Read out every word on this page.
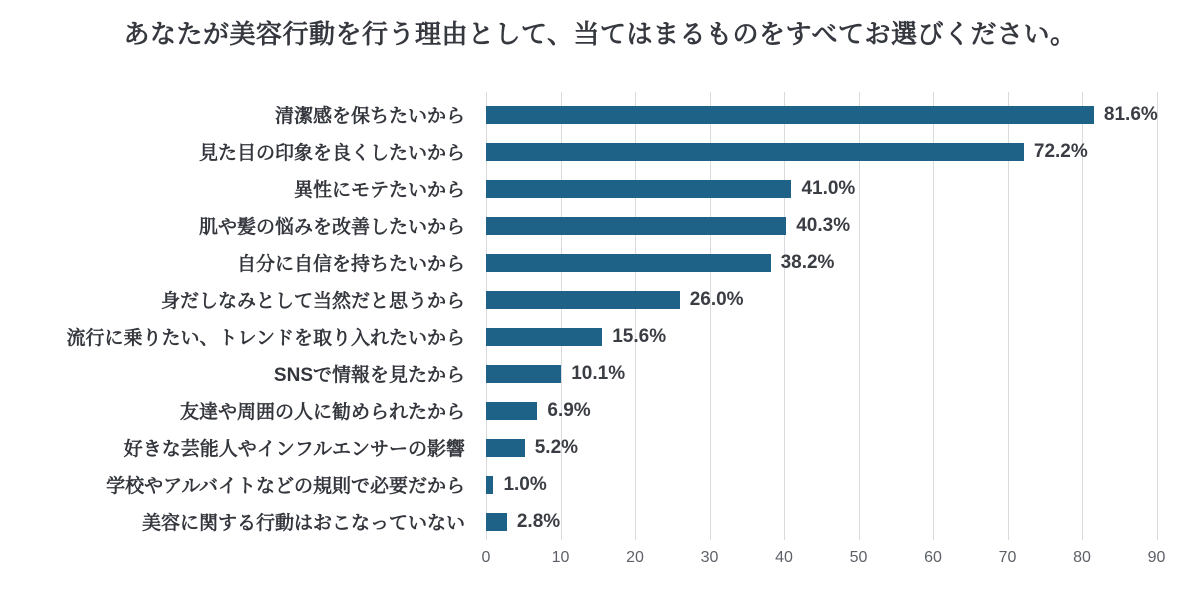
あなたが美容行動を行う理由として、当てはまるものをすべてお選びください。
清潔感を保ちたいから	81.6%
見た目の印象を良くしたいから	72.2%
異性にモテたいから	41.0%
肌や髪の悩みを改善したいから	40.3%
自分に自信を持ちたいから	38.2%
身だしなみとして当然だと思うから	26.0%
流行に乗りたい、トレンドを取り入れたいから	15.6%
SNSで情報を見たから	10.1%
友達や周囲の人に勧められたから	6.9%
好きな芸能人やインフルエンサーの影響	5.2%
学校やアルバイトなどの規則で必要だから	1.0%
美容に関する行動はおこなっていない	2.8%
0	10	20	30	40	50	60	70	80	90
